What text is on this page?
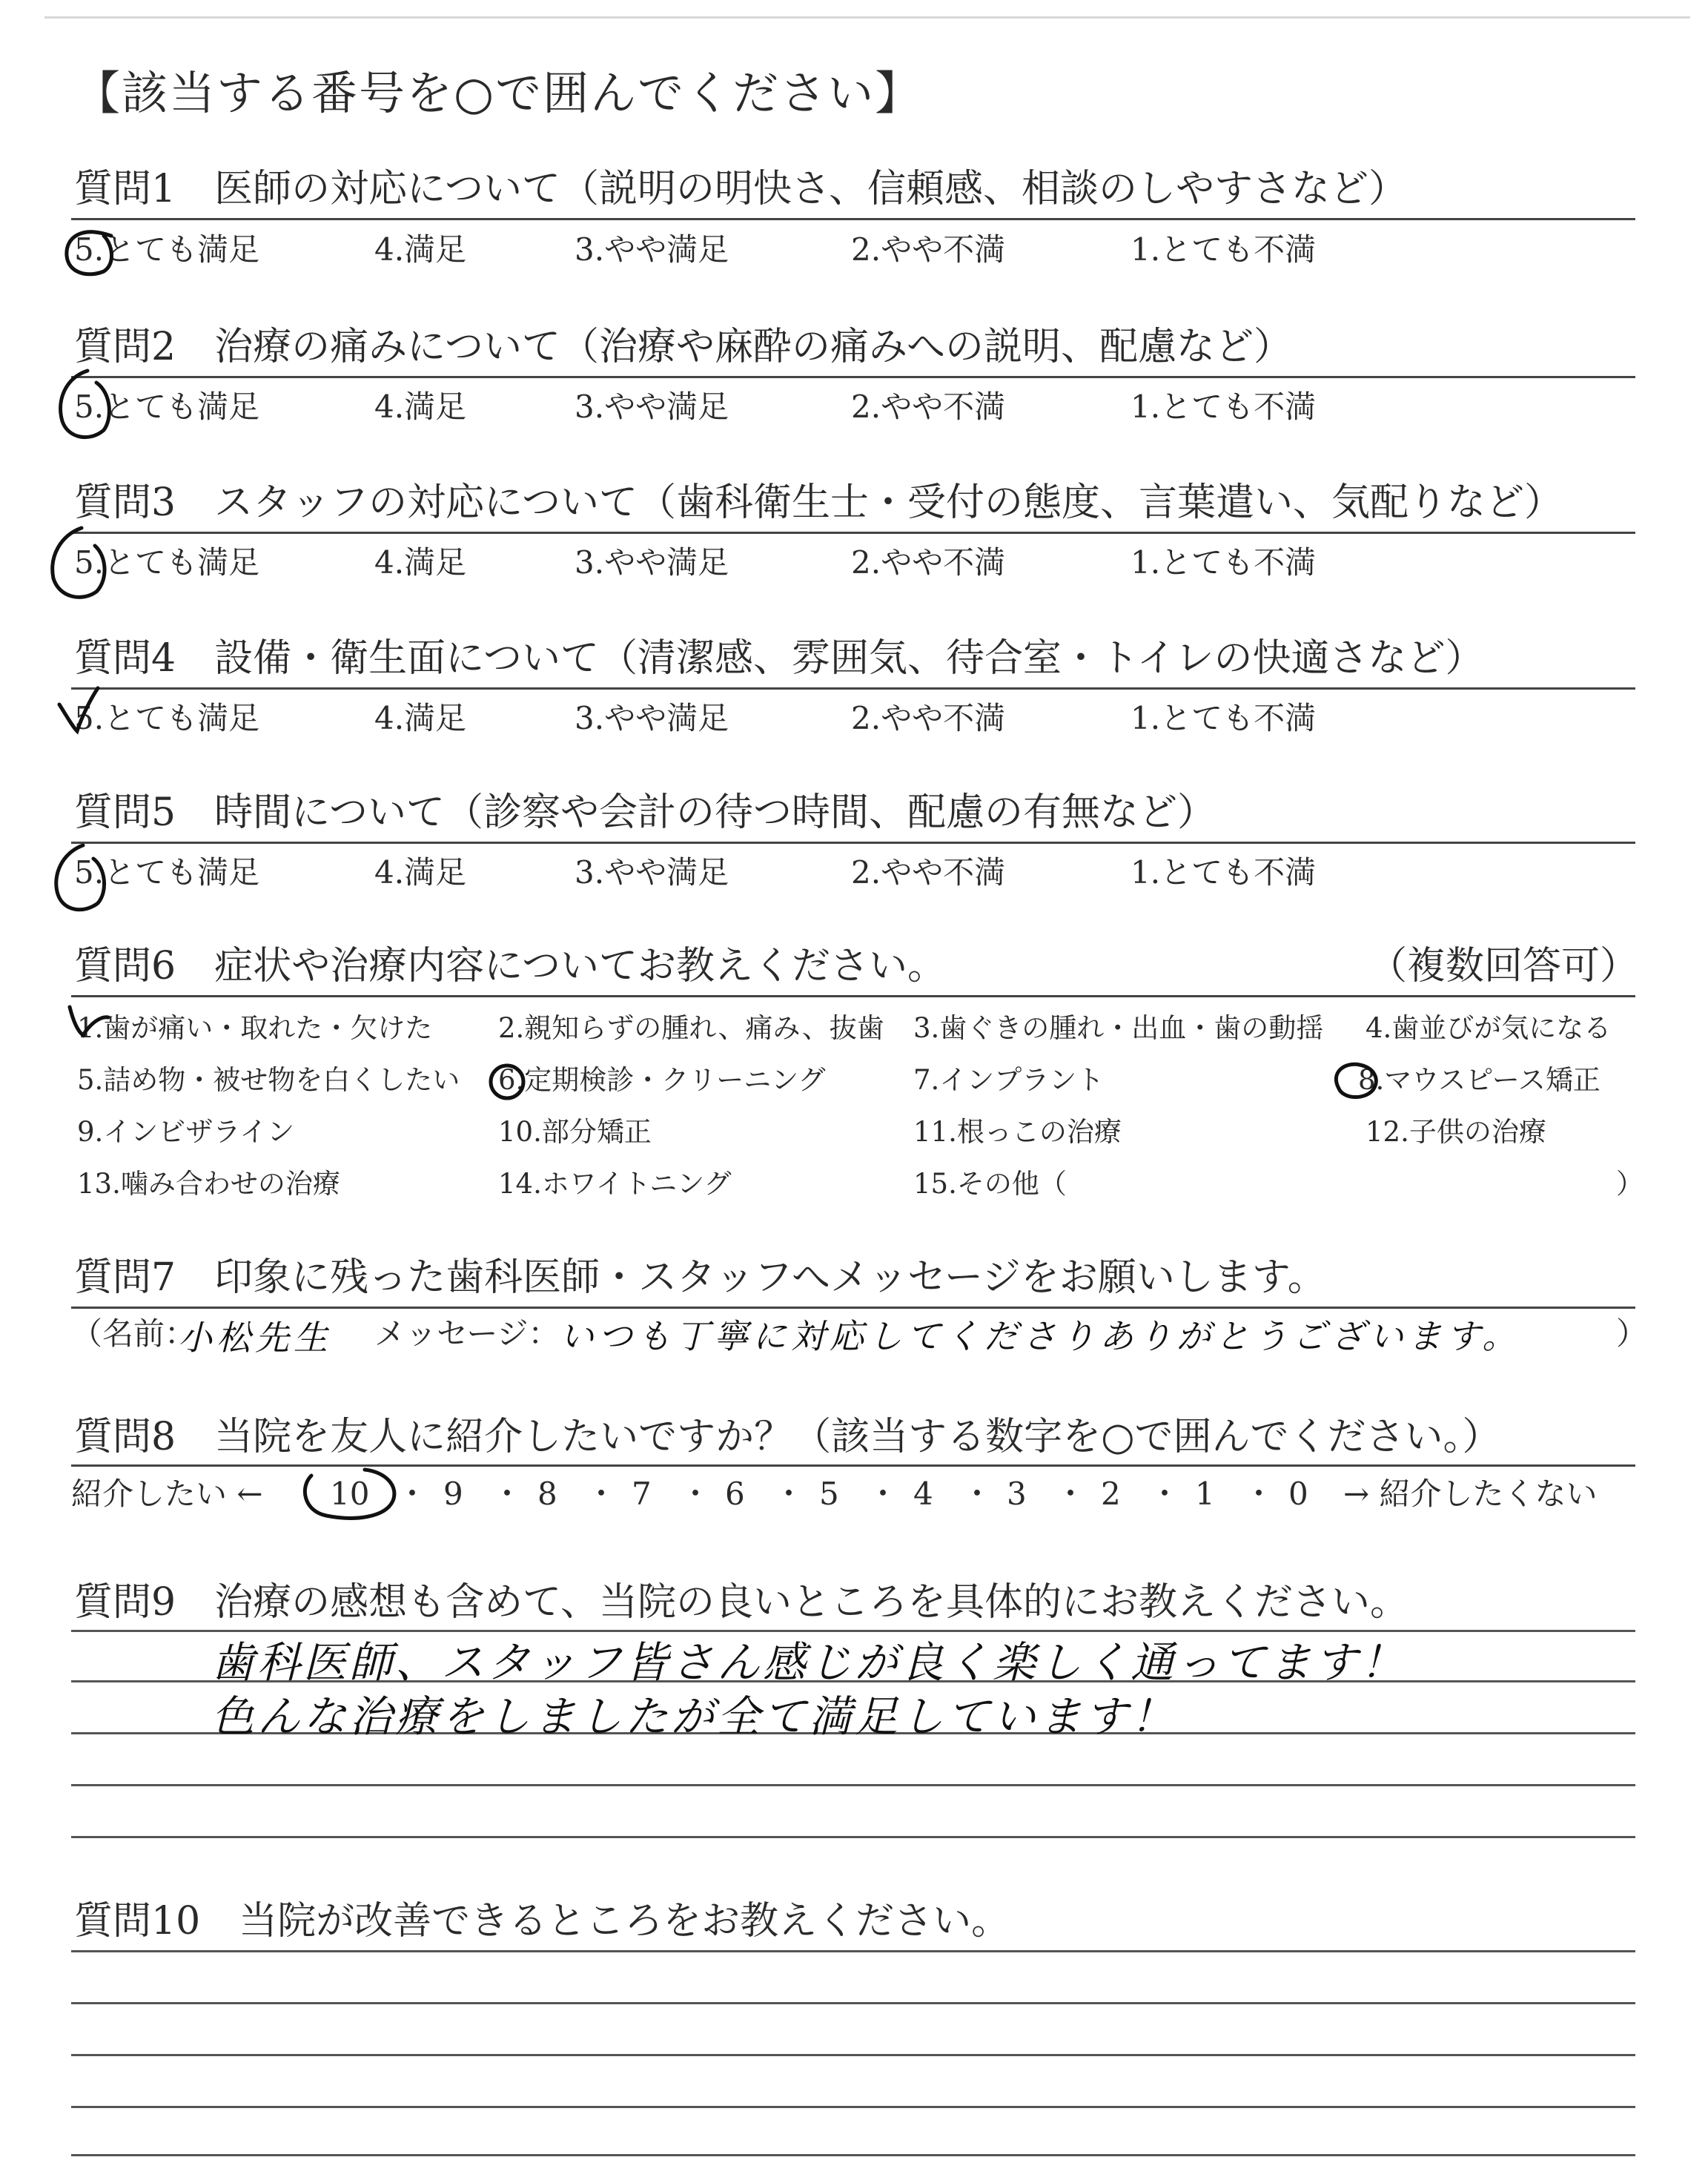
【該当する番号を○で囲んでください】
質問1　医師の対応について（説明の明快さ、信頼感、相談のしやすさなど）
5.とても満足	4.満足	3.やや満足	2.やや不満	1.とても不満
質問2　治療の痛みについて（治療や麻酔の痛みへの説明、配慮など）
5.とても満足	4.満足	3.やや満足	2.やや不満	1.とても不満
質問3　スタッフの対応について（歯科衛生士・受付の態度、言葉遣い、気配りなど）
5.とても満足	4.満足	3.やや満足	2.やや不満	1.とても不満
質問4　設備・衛生面について（清潔感、雰囲気、待合室・トイレの快適さなど）
5.とても満足	4.満足	3.やや満足	2.やや不満	1.とても不満
質問5　時間について（診察や会計の待つ時間、配慮の有無など）
5.とても満足	4.満足	3.やや満足	2.やや不満	1.とても不満
質問6　症状や治療内容についてお教えください。	（複数回答可）
1.歯が痛い・取れた・欠けた 2.親知らずの腫れ、痛み、抜歯 3.歯ぐきの腫れ・出血・歯の動揺 4.歯並びが気になる
5.詰め物・被せ物を白くしたい 6.定期検診・クリーニング	7.インプラント	8.マウスピース矯正
9.インビザライン	10.部分矯正	11.根っこの治療	12.子供の治療
13.噛み合わせの治療	14.ホワイトニング	15.その他（	）
質問7　印象に残った歯科医師・スタッフへメッセージをお願いします。
（名前：
小松先生 メッセージ： いつも丁寧に対応してくださりありがとうございます。	）
質問8　当院を友人に紹介したいですか？（該当する数字を○で囲んでください。）
紹介したい ← 10 ・ 9 ・ 8 ・ 7 ・ 6 ・ 5 ・ 4 ・ 3 ・ 2 ・ 1 ・ 0 → 紹介したくない
質問9　治療の感想も含めて、当院の良いところを具体的にお教えください。
歯科医師、スタッフ皆さん感じが良く楽しく通ってます！
色んな治療をしましたが全て満足しています！
質問10　当院が改善できるところをお教えください。
